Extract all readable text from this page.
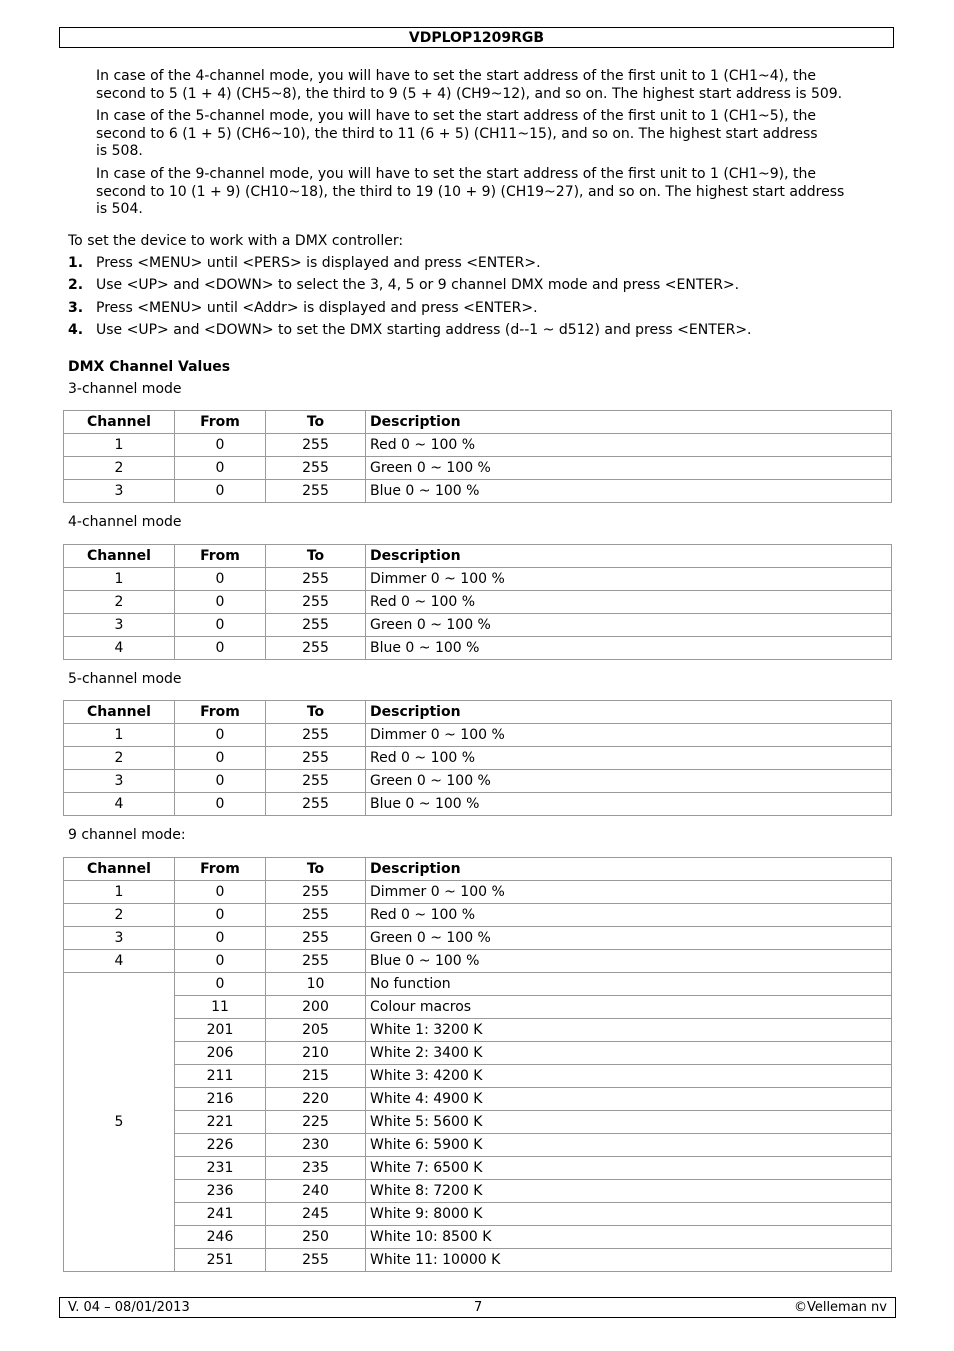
VDPLOP1209RGB
In case of the 4-channel mode, you will have to set the start address of the first unit to 1 (CH1~4), the
second to 5 (1 + 4) (CH5~8), the third to 9 (5 + 4) (CH9~12), and so on. The highest start address is 509.
In case of the 5-channel mode, you will have to set the start address of the first unit to 1 (CH1~5), the
second to 6 (1 + 5) (CH6~10), the third to 11 (6 + 5) (CH11~15), and so on. The highest start address
is 508.
In case of the 9-channel mode, you will have to set the start address of the first unit to 1 (CH1~9), the
second to 10 (1 + 9) (CH10~18), the third to 19 (10 + 9) (CH19~27), and so on. The highest start address
is 504.
To set the device to work with a DMX controller:
1. Press <MENU> until <PERS> is displayed and press <ENTER>.
2. Use <UP> and <DOWN> to select the 3, 4, 5 or 9 channel DMX mode and press <ENTER>.
3. Press <MENU> until <Addr> is displayed and press <ENTER>.
4. Use <UP> and <DOWN> to set the DMX starting address (d--1 ~ d512) and press <ENTER>.
DMX Channel Values
3-channel mode
Channel	From	To	Description
1	0	255	Red 0 ~ 100 %
2	0	255	Green 0 ~ 100 %
3	0	255	Blue 0 ~ 100 %
4-channel mode
Channel	From	To	Description
1	0	255	Dimmer 0 ~ 100 %
2	0	255	Red 0 ~ 100 %
3	0	255	Green 0 ~ 100 %
4	0	255	Blue 0 ~ 100 %
5-channel mode
Channel	From	To	Description
1	0	255	Dimmer 0 ~ 100 %
2	0	255	Red 0 ~ 100 %
3	0	255	Green 0 ~ 100 %
4	0	255	Blue 0 ~ 100 %
9 channel mode:
Channel	From	To	Description
1	0	255	Dimmer 0 ~ 100 %
2	0	255	Red 0 ~ 100 %
3	0	255	Green 0 ~ 100 %
4	0	255	Blue 0 ~ 100 %
5	0	10	No function
	11	200	Colour macros
	201	205	White 1: 3200 K
	206	210	White 2: 3400 K
	211	215	White 3: 4200 K
	216	220	White 4: 4900 K
	221	225	White 5: 5600 K
	226	230	White 6: 5900 K
	231	235	White 7: 6500 K
	236	240	White 8: 7200 K
	241	245	White 9: 8000 K
	246	250	White 10: 8500 K
	251	255	White 11: 10000 K
V. 04 – 08/01/2013	7	©Velleman nv
